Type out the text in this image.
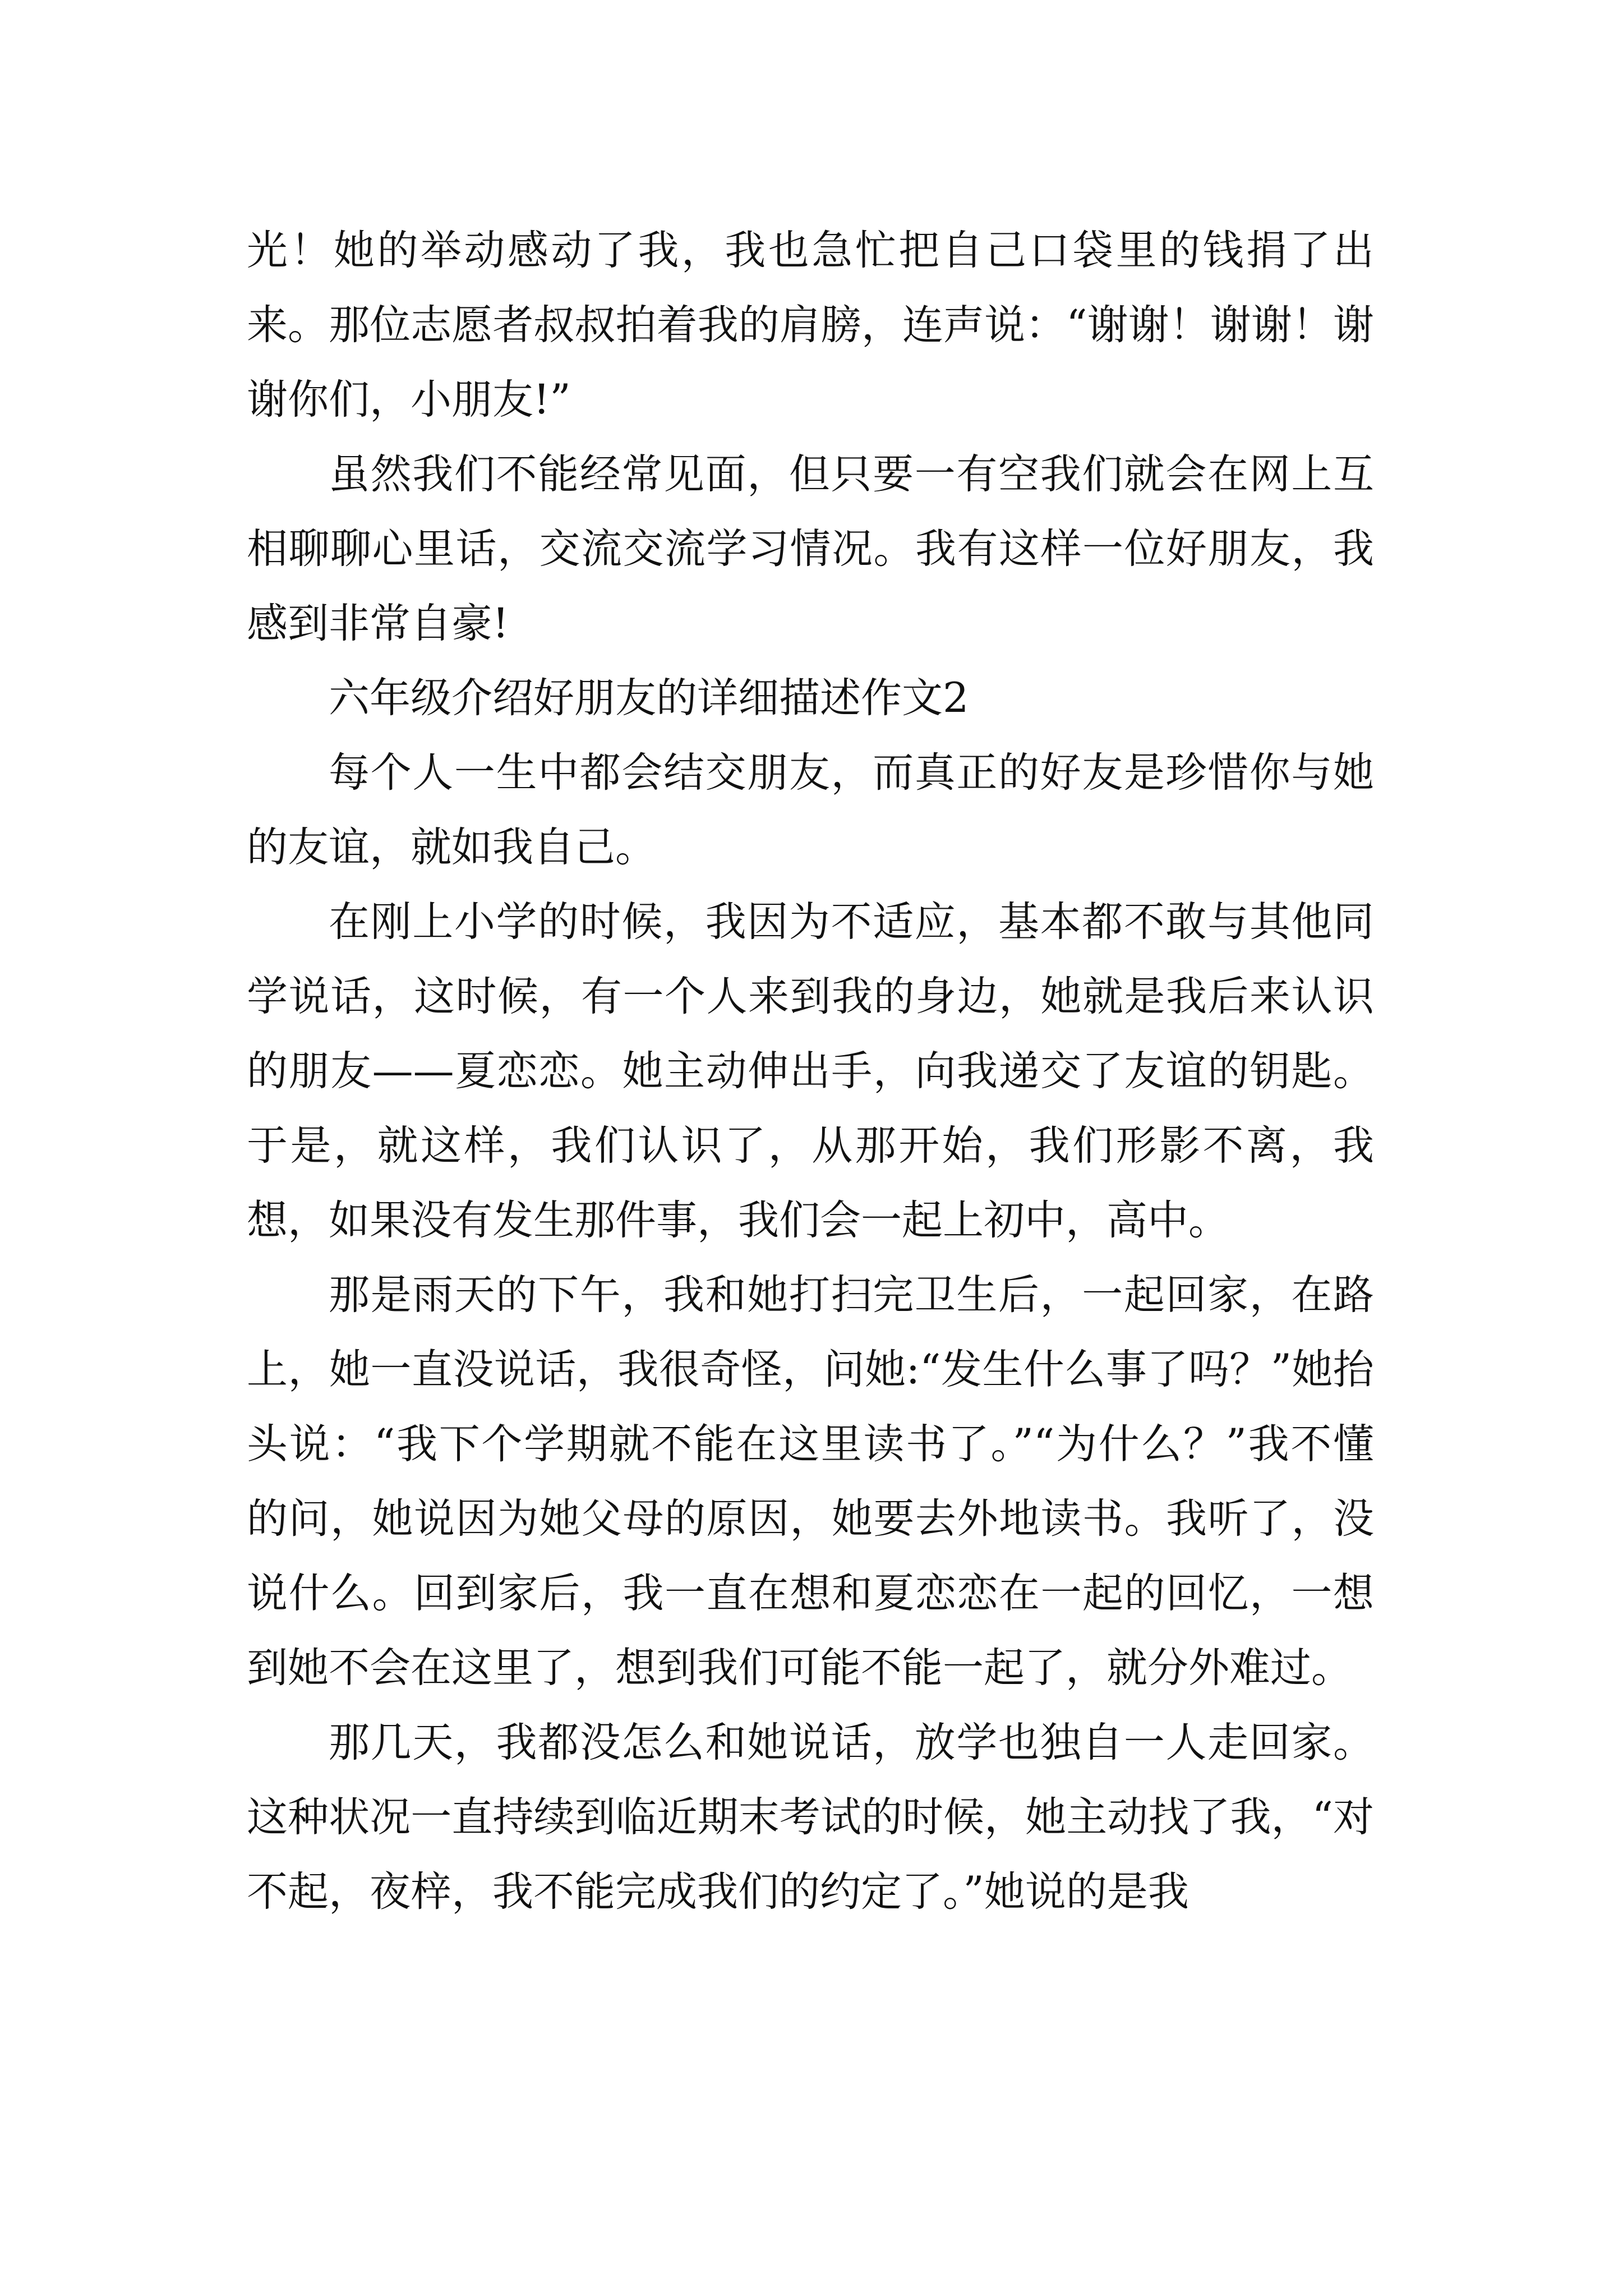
光！她的举动感动了我，我也急忙把自己口袋里的钱捐了出来。那位志愿者叔叔拍着我的肩膀，连声说：“谢谢！谢谢！谢谢你们，小朋友!”

虽然我们不能经常见面，但只要一有空我们就会在网上互相聊聊心里话，交流交流学习情况。我有这样一位好朋友，我感到非常自豪!

六年级介绍好朋友的详细描述作文2

每个人一生中都会结交朋友，而真正的好友是珍惜你与她的友谊，就如我自己。

在刚上小学的时候，我因为不适应，基本都不敢与其他同学说话，这时候，有一个人来到我的身边，她就是我后来认识的朋友——夏恋恋。她主动伸出手，向我递交了友谊的钥匙。于是，就这样，我们认识了，从那开始，我们形影不离，我想，如果没有发生那件事，我们会一起上初中，高中。

那是雨天的下午，我和她打扫完卫生后，一起回家，在路上，她一直没说话，我很奇怪，问她:“发生什么事了吗？”她抬头说：“我下个学期就不能在这里读书了。”“为什么？”我不懂的问，她说因为她父母的原因，她要去外地读书。我听了，没说什么。回到家后，我一直在想和夏恋恋在一起的回忆，一想到她不会在这里了，想到我们可能不能一起了，就分外难过。

那几天，我都没怎么和她说话，放学也独自一人走回家。这种状况一直持续到临近期末考试的时候，她主动找了我，“对不起，夜梓，我不能完成我们的约定了。”她说的是我
